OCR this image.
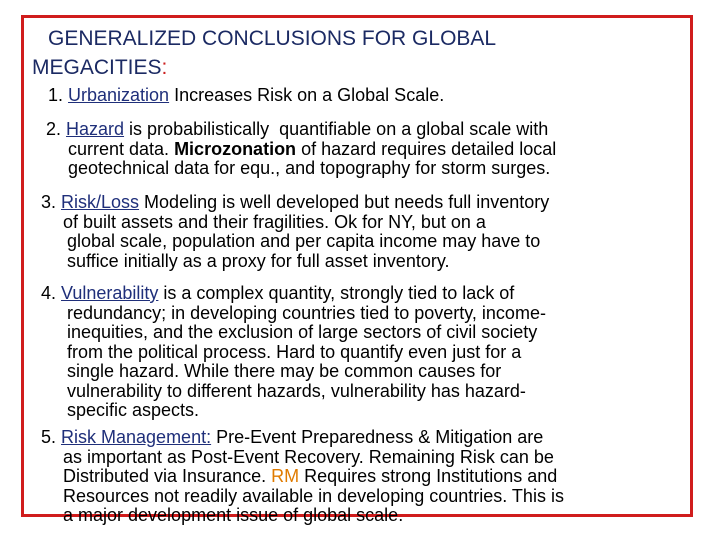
GENERALIZED CONCLUSIONS FOR GLOBAL
MEGACITIES:
1. Urbanization Increases Risk on a Global Scale.
2. Hazard is probabilistically  quantifiable on a global scale with
current data. Microzonation of hazard requires detailed local
geotechnical data for equ., and topography for storm surges.
3. Risk/Loss Modeling is well developed but needs full inventory
of built assets and their fragilities. Ok for NY, but on a
global scale, population and per capita income may have to
suffice initially as a proxy for full asset inventory.
4. Vulnerability is a complex quantity, strongly tied to lack of
redundancy; in developing countries tied to poverty, income-
inequities, and the exclusion of large sectors of civil society
from the political process. Hard to quantify even just for a
single hazard. While there may be common causes for
vulnerability to different hazards, vulnerability has hazard-
specific aspects.
5. Risk Management: Pre-Event Preparedness & Mitigation are
as important as Post-Event Recovery. Remaining Risk can be
Distributed via Insurance. RM Requires strong Institutions and
Resources not readily available in developing countries. This is
a major development issue of global scale.
